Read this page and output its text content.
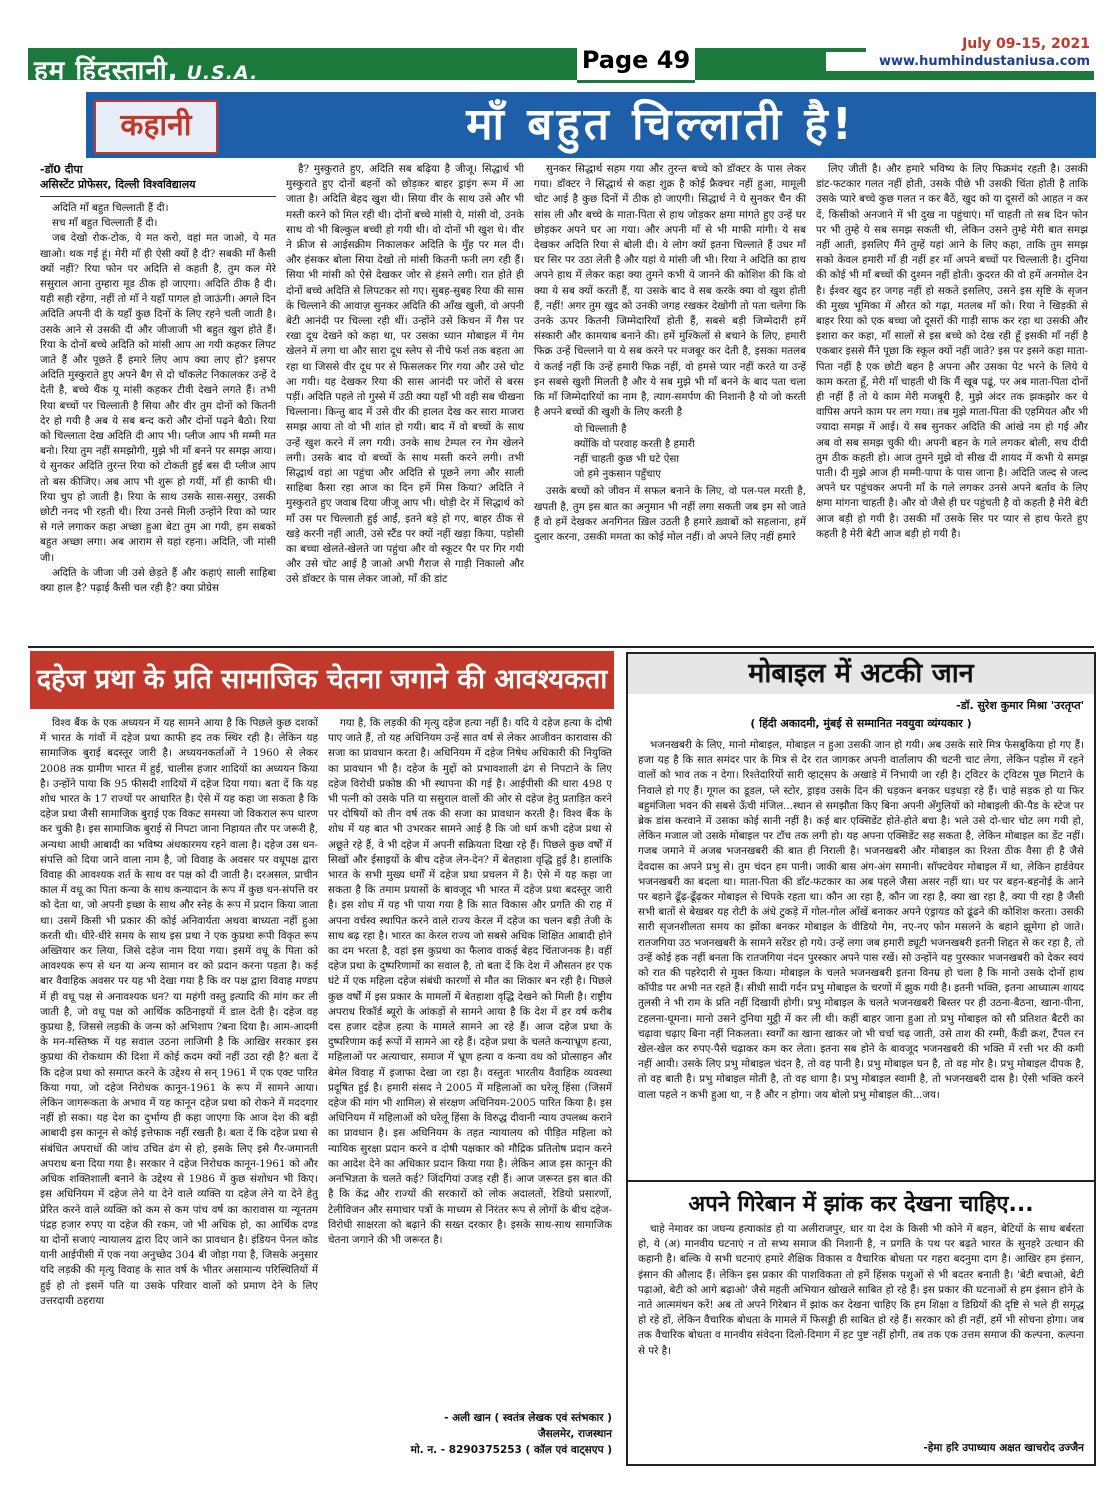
हम हिंदुस्तानी, U.S.A.	Page 49
July 09-15, 2021
www.humhindustaniusa.com
कहानी	माँ बहुत चिल्लाती है!
-डॉ0 दीपा
असिस्टेंट प्रोफेसर, दिल्ली विश्वविद्यालय

अदिति माँ बहुत चिल्लाती हैं दी।

सच माँ बहुत चिल्लाती हैं दी।

जब देखो रोक-टोक, ये मत करो, वहां मत जाओ, ये मत खाओ। थक गई हूं। मेरी माँ ही ऐसी क्यों है दी? सबकी माँ कैसी क्यों नहीं? रिया फोन पर अदिति से कहती है, तुम कल मेरे ससुराल आना तुम्हारा मूड ठीक हो जाएगा। अदिति ठीक है दी। यही सही रहेगा, नहीं तो माँ ने यहाँ पागल हो जाऊंगी। अगले दिन अदिति अपनी दी के यहाँ कुछ दिनों के लिए रहने चली जाती है। उसके आने से उसकी दी और जीजाजी भी बहुत खुश होते हैं। रिया के दोनों बच्चे अदिति को मांसी आप आ गयी कहकर लिपट जाते हैं और पूछते हैं हमारे लिए आप क्या लाए हो? इसपर अदिति मुस्कुराते हुए अपने बैग से दो चॉकलेट निकालकर उन्हें दे देती है, बच्चे थैंक यू मांसी कहकर टीवी देखने लगते हैं। तभी रिया बच्चों पर चिल्लाती है सिया और वीर तुम दोनों को कितनी देर हो गयी है अब ये सब बन्द करो और दोनों पढ़ने बैठो। रिया को चिल्लाता देख अदिति दी आप भी। प्लीज आप भी मम्मी मत बनो। रिया तुम नहीं समझोगी, मुझे भी माँ बनने पर समझ आया। ये सुनकर अदिति तुरन्त रिया को टोकती हुई बस दी प्लीज आप तो बस कीजिए। अब आप भी शुरू हो गयीं, माँ ही काफी थी। रिया चुप हो जाती है। रिया के साथ उसके सास-ससुर, उसकी छोटी ननद भी रहती थी। रिया उनसे मिली उन्होंने रिया को प्यार से गले लगाकर कहा अच्छा हुआ बेटा तुम आ गयी, हम सबको बहुत अच्छा लगा। अब आराम से यहां रहना। अदिति, जी मांसी जी।

अदिति के जीजा जी उसे छेड़ते हैं और कहाएं साली साहिबा क्या हाल है? पढ़ाई कैसी चल रही है? क्या प्रोग्रेस

है? मुस्कुराते हुए, अदिति सब बढ़िया है जीजू। सिद्धार्थ भी मुस्कुराते हुए दोनों बहनों को छोड़कर बाहर ड्राइंग रूम में आ जाता है। अदिति बेहद खुश थी। सिया वीर के साथ उसे और भी मस्ती करने को मिल रही थी। दोनों बच्चे मांसी ये, मांसी वो, उनके साथ वो भी बिल्कुल बच्ची हो गयी थी। वो दोनों भी खुश थे। वीर ने फ्रीज से आईसक्रीम निकालकर अदिति के मुँह पर मल दी। और हंसकर बोला सिया देखो तो मांसी कितनी फनी लग रही हैं। सिया भी मांसी को ऐसे देखकर जोर से हंसने लगी। रात होते ही दोनों बच्चे अदिति से लिपटकर सो गए। सुबह-सुबह रिया की सास के चिल्लाने की आवाज़ सुनकर अदिति की आँख खुली, वो अपनी बेटी आनंदी पर चिल्ला रही थीं। उन्होंने उसे किचन में गैस पर रखा दूध देखने को कहा था, पर उसका ध्यान मोबाइल में गेम खेलने में लगा था और सारा दूध स्लेप से नीचे फर्श तक बहता आ रहा था जिससे वीर दूध पर से फिसलकर गिर गया और उसे चोट आ गयी। यह देखकर रिया की सास आनंदी पर जोरों से बरस पड़ीं। अदिति पहले तो गुस्से में उठी क्या यहाँ भी वही सब चीखना चिल्लाना। किन्तु बाद में उसे वीर की हालत देख कर सारा माजरा समझ आया तो वो भी शांत हो गयी। बाद में वो बच्चों के साथ उन्हें खुश करने में लग गयी। उनके साथ टेम्पल रन गेम खेलने लगी। उसके बाद वो बच्चों के साथ मस्ती करने लगी। तभी सिद्धार्थ वहां आ पहुंचा और अदिति से पूछने लगा और साली साहिबा कैसा रहा आज का दिन हमें मिस किया? अदिति ने मुस्कुराते हुए जवाब दिया जीजू आप भी। थोड़ी देर में सिद्धार्थ को माँ उस पर चिल्लाती हुई आईं, इतने बड़े हो गए, बाहर ठीक से खड़े करनी नहीं आती, उसे स्टैंड पर क्यों नहीं खड़ा किया, पड़ोसी का बच्चा खेलते-खेलते जा पहुंचा और वो स्कूटर पैर पर गिर गयी और उसे चोट आई है जाओ अभी गैराज से गाड़ी निकालो और उसे डॉक्टर के पास लेकर जाओ, माँ की डांट

सुनकर सिद्धार्थ सहम गया और तुरन्त बच्चे को डॉक्टर के पास लेकर गया। डॉक्टर ने सिद्धार्थ से कहा शुक्र है कोई फ्रैक्चर नहीं हुआ, मामूली चोट आई है कुछ दिनों में ठीक हो जाएगी। सिद्धार्थ ने ये सुनकर चैन की सांस ली और बच्चे के माता-पिता से हाथ जोड़कर क्षमा मांगते हुए उन्हें घर छोड़कर अपने घर आ गया। और अपनी माँ से भी माफी मांगी। ये सब देखकर अदिति रिया से बोली दी। ये लोग क्यों इतना चिल्लाते हैं उधर माँ घर सिर पर उठा लेती है और यहां ये मांसी जी भी। रिया ने अदिति का हाथ अपने हाथ में लेकर कहा क्या तुमने कभी ये जानने की कोशिश की कि वो क्या ये सब क्यों करती हैं, या उसके बाद वे सब करके क्या वो खुश होती हैं, नहीं! अगर तुम खुद को उनकी जगह रखकर देखोगी तो पता चलेगा कि उनके ऊपर कितनी जिम्मेदारियाँ होती हैं, सबसे बड़ी जिम्मेदारी हमें संस्कारी और कामयाब बनाने की। हमें मुश्किलों से बचाने के लिए, हमारी फिक्र उन्हें चिल्लाने या ये सब करने पर मजबूर कर देती है, इसका मतलब ये कतई नहीं कि उन्हें हमारी फिक्र नहीं, वो हमसे प्यार नहीं करते या उन्हें इन सबसे खुशी मिलती है और ये सब मुझे भी माँ बनने के बाद पता चला कि माँ जिम्मेदारियों का नाम है, त्याग-समर्पण की निशानी है यो जो करती है अपने बच्चों की खुशी के लिए करती है

वो चिल्लाती है
क्योंकि वो परवाह करती है हमारी
नहीं चाहती कुछ भी घटे ऐसा
जो हमे नुकसान पहुँचाए

उसके बच्चों को जीवन में सफल बनाने के लिए, वो पल-पल मरती है, खपती है, तुम इस बात का अनुमान भी नहीं लगा सकती जब इम सो जाते हैं वो हमें देखकर अनगिनत ख़िल उठती है हमारे ख़्वाबों को सहलाना, हमें दुलार करना, उसकी ममता का कोई मोल नहीं। वो अपने लिए नहीं हमारे

लिए जीती है। और हमारे भविष्य के लिए फिक्रमंद रहती है। उसकी डांट-फटकार गलत नहीं होती, उसके पीछे भी उसकी चिंता होती है ताकि उसके प्यारे बच्चे कुछ गलत न कर बैठें, खुद को या दूसरों को आहत न कर दें, किसीको अनजाने में भी दुख ना पहुंचाएं। माँ चाहती तो सब दिन फोन पर भी तुम्हे ये सब समझ सकती थी, लेकिन उसने तुम्हे मेरी बात समझ नहीं आती, इसलिए मैंने तुम्हें यहां आने के लिए कहा, ताकि तुम समझ सको केवल हमारी माँ ही नहीं हर माँ अपने बच्चों पर चिल्लाती है। दुनिया की कोई भी माँ बच्चों की दुश्मन नहीं होती। कुदरत की वो हमें अनमोल देन है। ईश्वर खुद हर जगह नहीं हो सकते इसलिए, उसने इस सृष्टि के सृजन की मुख्य भूमिका में औरत को गढ़ा, मतलब माँ को। रिया ने खिड़की से बाहर रिया को एक बच्चा जो दूसरों की गाड़ी साफ कर रहा था उसकी और इशारा कर कहा, माँ सालों से इस बच्चे को देख रही हूँ इसकी माँ नहीं है एकबार इससे मैंने पूछा कि स्कूल क्यों नहीं जाते? इस पर इसने कहा माता-पिता नहीं है एक छोटी बहन है अपना और उसका पेट भरने के लिये ये काम करता हूँ, मेरी माँ चाहती थी कि मैं खूब पढूं, पर अब माता-पिता दोनों ही नहीं हैं तो ये काम मेरी मजबूरी है, मुझे अंदर तक झकझोर कर ये वापिस अपने काम पर लग गया। तब मुझे माता-पिता की एहमियत और भी ज्यादा समझ में आई। ये सब सुनकर अदिति की आंखे नम हो गई और अब वो सब समझ चुकी थी। अपनी बहन के गले लगकर बोली, सच दीदी तुम ठीक कहती हो। आज तुमने मुझे वो सीख दी शायद में कभी ये समझ पाती। दी मुझे आज ही मम्मी-पापा के पास जाना है। अदिति जल्द से जल्द अपने घर पहुंचकर अपनी माँ के गले लगकर उनसे अपने बर्ताव के लिए क्षमा मांगना चाहती है। और वो जैसे ही घर पहुंचती है वो कहती है मेरी बेटी आज बड़ी हो गयी है। उसकी माँ उसके सिर पर प्यार से हाथ फेरते हुए कहती है मेरी बेटी आज बड़ी हो गयी है।

दहेज प्रथा के प्रति सामाजिक चेतना जगाने की आवश्यकता

विश्व बैंक के एक अध्ययन में यह सामने आया है कि पिछले कुछ दशकों में भारत के गांवों में दहेज प्रथा काफी हद तक स्थिर रही है। लेकिन यह सामाजिक बुराई बदस्तूर जारी है। अध्ययनकर्ताओं ने 1960 से लेकर 2008 तक ग्रामीण भारत में हुई, चालीस हजार शादियों का अध्ययन किया है। उन्होंने पाया कि 95 फीसदी शादियों में दहेज दिया गया। बता दें कि यह शोध भारत के 17 राज्यों पर आधारित है। ऐसे में यह कहा जा सकता है कि दहेज प्रथा जैसी सामाजिक बुराई एक विकट समस्या जो विकराल रूप धारण कर चुकी है। इस सामाजिक बुराई से निपटा जाना निहायत तौर पर जरूरी है, अन्यथा आधी आबादी का भविष्य अंधकारमय रहने वाला है। दहेज उस धन-संपत्ति को दिया जाने वाला नाम है, जो विवाह के अवसर पर वधूपक्ष द्वारा विवाह की आवश्यक शर्त के साथ वर पक्ष को दी जाती है। दरअसल, प्राचीन काल में वधू का पिता कन्या के साथ कन्यादान के रूप में कुछ धन-संपत्ति वर को देता था, जो अपनी इच्छा के साथ और स्नेह के रूप में प्रदान किया जाता था। उसमें किसी भी प्रकार की कोई अनिवार्यता अथवा बाध्यता नहीं हुआ करती थी। धीरे-धीरे समय के साथ इस प्रथा ने एक कुप्रथा रूपी विकृत रूप अख्तियार कर लिया, जिसे दहेज नाम दिया गया। इसमें वधू के पिता को आवश्यक रूप से धन या अन्य सामान वर को प्रदान करना पड़ता है। कई बार वैवाहिक अवसर पर यह भी देखा गया है कि वर पक्ष द्वारा विवाह मण्डप में ही वधू पक्ष से अनावश्यक धन? या महंगी वस्तु इत्यादि की मांग कर ली जाती है, जो वधू पक्ष को आर्थिक कठिनाइयों में डाल देती है। दहेज वह कुप्रथा है, जिससे लड़की के जन्म को अभिशाप ?बना दिया है। आम-आदमी के मन-मस्तिष्क में यह सवाल उठना लाजिमी है कि आखिर सरकार इस कुप्रथा की रोकथाम की दिशा में कोई कदम क्यों नहीं उठा रही है? बता दें कि दहेज प्रथा को समाप्त करने के उद्देश्य से सन् 1961 में एक एक्ट पारित किया गया, जो दहेज निरोधक कानून-1961 के रूप में सामने आया। लेकिन जागरूकता के अभाव में यह कानून दहेज प्रथा को रोकने में मददगार नहीं हो सका। यह देश का दुर्भाग्य ही कहा जाएगा कि आज देश की बड़ी आबादी इस कानून से कोई इत्तेफाक नहीं रखती है। बता दें कि दहेज प्रथा से संबंधित अपराधों की जांच उचित ढंग से हो, इसके लिए इसे गैर-जमानती अपराध बना दिया गया है। सरकार ने दहेज निरोधक कानून-1961 को और अधिक शक्तिशाली बनाने के उद्देश्य से 1986 में कुछ संशोधन भी किए। इस अधिनियम में दहेज लेने या देने वाले व्यक्ति या दहेज लेने या देने हेतु प्रेरित करने वाले व्यक्ति को कम से कम पांच वर्ष का कारावास या न्यूनतम पंद्रह हजार रुपए या दहेज की रकम, जो भी अधिक हो, का आर्थिक दण्ड या दोनों सजाएं न्यायालय द्वारा दिए जाने का प्रावधान है। इंडियन पेनल कोड यानी आईपीसी में एक नया अनुच्छेद 304 बी जोड़ा गया है, जिसके अनुसार यदि लड़की की मृत्यु विवाह के सात वर्ष के भीतर असामान्य परिस्थितियों में हुई हो तो इसमें पति या उसके परिवार वालों को प्रमाण देने के लिए उत्तरदायी ठहराया

गया है, कि लड़की की मृत्यु दहेज हत्या नहीं है। यदि ये दहेज हत्या के दोषी पाए जाते हैं, तो यह अधिनियम उन्हें सात वर्ष से लेकर आजीवन कारावास की सजा का प्रावधान करता है। अधिनियम में दहेज निषेध अधिकारी की नियुक्ति का प्रावधान भी है। दहेज के मुद्दों को प्रभावशाली ढंग से निपटाने के लिए दहेज विरोधी प्रकोष्ठ की भी स्थापना की गई है। आईपीसी की धारा 498 ए भी पत्नी को उसके पति या ससुराल वालों की ओर से दहेज हेतु प्रताड़ित करने पर दोषियों को तीन वर्ष तक की सजा का प्रावधान करती है। विश्व बैंक के शोध में यह बात भी उभरकर सामने आई है कि जो धर्म कभी दहेज प्रथा से अछूते रहे हैं, वे भी दहेज में अपनी सक्रियता दिखा रहे हैं। पिछले कुछ वर्षों में सिखों और ईसाइयों के बीच दहेज लेन-देन? में बेतहाशा वृद्धि हुई है। हालांकि भारत के सभी मुख्य धर्मों में दहेज प्रथा प्रचलन में है। ऐसे में यह कहा जा सकता है कि तमाम प्रयासों के बावजूद भी भारत में दहेज प्रथा बदस्तूर जारी है। इस शोध में यह भी पाया गया है कि सात विकास और प्रगति की राह में अपना वर्चस्व स्थापित करने वाले राज्य केरल में दहेज का चलन बड़ी तेजी के साथ बढ़ रहा है। भारत का केरल राज्य जो सबसे अधिक शिक्षित आबादी होने का दम भरता है, वहां इस कुप्रथा का फैलाव वाकई बेहद चिंताजनक है। वहीं दहेज प्रथा के दुष्परिणामों का सवाल है, तो बता दें कि देश में औसतन हर एक घंटे में एक महिला दहेज संबंधी कारणों से मौत का शिकार बन रही है। पिछले कुछ वर्षों में इस प्रकार के मामलों में बेतहाशा वृद्धि देखने को मिली है। राष्ट्रीय अपराध रिकॉर्ड ब्यूरो के आंकड़ों से सामने आया है कि देश में हर वर्ष करीब दस हजार दहेज हत्या के मामले सामने आ रहे हैं। आज दहेज प्रथा के दुष्परिणाम कई रूपों में सामने आ रहे हैं। दहेज प्रथा के चलते कन्याभ्रूण हत्या, महिलाओं पर अत्याचार, समाज में भ्रूण हत्या व कन्या वध को प्रोत्साहन और बेमेल विवाह में इजाफा देखा जा रहा है। वस्तुतः भारतीय वैवाहिक व्यवस्था प्रदूषित हुई है। हमारी संसद ने 2005 में महिलाओं का घरेलू हिंसा (जिसमें दहेज की मांग भी शामिल) से संरक्षण अधिनियम-2005 पारित किया है। इस अधिनियम में महिलाओं को घरेलू हिंसा के विरुद्ध दीवानी न्याय उपलब्ध कराने का प्रावधान है। इस अधिनियम के तहत न्यायालय को पीड़ित महिला को न्यायिक सुरक्षा प्रदान करने व दोषी पक्षकार को मौद्रिक प्रतितोष प्रदान करने का आदेश देने का अधिकार प्रदान किया गया है। लेकिन आज इस कानून की अनभिज्ञता के चलते कई? जिंदगियां उजड़ रही हैं। आज जरूरत इस बात की है कि केंद्र और राज्यों की सरकारों को लोक अदालतों, रेडियो प्रसारणों, टेलीविजन और समाचार पत्रों के माध्यम से निरंतर रूप से लोगों के बीच दहेज-विरोधी साक्षरता को बढ़ाने की सख्त दरकार है। इसके साथ-साथ सामाजिक चेतना जगाने की भी जरूरत है।

- अली खान ( स्वतंत्र लेखक एवं स्तंभकार )
जैसलमेर, राजस्थान
मो. न. - 8290375253 ( कॉल एवं वाट्सएप )
मोबाइल में अटकी जान
-डॉ. सुरेश कुमार मिश्रा 'उरतृप्त'
( हिंदी अकादमी, मुंबई से सम्मानित नवयुवा व्यंग्यकार )

भजनखबरी के लिए, मानो मोबाइल, मोबाइल न हुआ उसकी जान हो गयी। अब उसके सारे मित्र फेसबुकिया हो गए हैं। हजा यह है कि सात समंदर पार के मित्र से देर रात जागकर अपनी वार्तालाप की चटनी चाट लेगा, लेकिन पड़ोस में रहने वालों को भाव तक न देगा। रिश्तेदारियों सारी व्हाट्सप के अखाड़े में निभायी जा रही है। ट्विटर के ट्विटस पूछ मिटाने के निवाले हो गए हैं। गूगल का डूडल, प्ले स्टोर, ड्राइव उसके दिन की धड़कन बनकर धड़धड़ा रहे हैं। चाहे सड़क हो या फिर बहुमंजिला भवन की सबसे ऊँची मंजिल...स्थान से समझौता किए बिना अपनी अँगुलियों को मोबाइली की-पैड के स्टेज पर ब्रेक डांस करवाने में उसका कोई सानी नहीं है। कई बार एक्सिडेंट होते-होते बचा है। भले उसे दो-चार चोट लग गयी हो, लेकिन मजाल जो उसके मोबाइल पर टॉच तक लगी हो। यह अपना एक्सिडेंट सह सकता है, लेकिन मोबाइल का डेंट नहीं। गजब जमाने में अजब भजनखबरी की बात ही निराली है। भजनखबरी और मोबाइल का रिश्ता ठीक वैसा ही है जैसे देवदास का अपने प्रभु से। तुम चंदन हम पानी। जाकी बास अंग-अंग समानी। सॉफ्टवेयर मोबाइल में था, लेकिन हार्डवेयर भजनखबरी का बदला था। माता-पिता की डाँट-फटकार का अब पहले जैसा असर नहीं था। घर पर बहन-बहनोई के आने पर बहाने ढूँढ़-ढूँढ़कर मोबाइल से चिपके रहता था। कौन आ रहा है, कौन जा रहा है, क्या खा रहा है, क्या पी रहा है जैसी सभी बातों से बेखबर यह रोटी के अंधे टुकड़े में गोल-गोल आँखें बनाकर अपने एंड्रायड को ढूंढने की कोशिश करता। उसकी सारी सृजनशीलता समय का झोंका बनकर मोबाइल के वीडियो गेम, नए-नए फोन मसलने के बहाने झूमेगा हो जाते। रातजगिया उठ भजनखबरी के सामने सरेंडर हो गये। उन्हें लगा जब हमारी ड्यूटी भजनखबरी इतनी शिद्दत से कर रहा है, तो उन्हें कोई हक नहीं बनता कि रातजगिया नंदन पुरस्कार अपने पास रखें। सो उन्होंने यह पुरस्कार भजनखबरी को देकर स्वयं को रात की पहरेदारी से मुक्त किया। मोबाइल के चलते भजनखबरी इतना विनम्र हो चला है कि मानो उसके दोनों हाथ कॉपीड पर अभी नत रहते हैं। सीधी सादी गर्दन प्रभु मोबाइल के चरणों में झुक गयी है। इतनी भक्ति, इतना आध्यात्म शायद तुलसी ने भी राम के प्रति नहीं दिखायी होगी। प्रभु मोबाइल के चलते भजनखबरी बिस्तर पर ही उठना-बैठना, खाना-पीना, टहलना-घूमना। मानो उसने दुनिया मुट्ठी में कर ली थी। कहीं बाहर जाना हुआ तो प्रभु मोबाइल को सौ प्रतिशत बैटरी का चढ़ावा चढ़ाए बिना नहीं निकलता। स्वर्गों का खाना खाकर जो भी चर्चा चढ़ जाती, उसे ताश की रम्मी, कैंडी क्रश, टैंपल रन खेल-खेल कर रुपए-पैसे चढ़ाकर कम कर लेता। इतना सब होने के बावजूद भजनखबरी की भक्ति में रत्ती भर की कमी नहीं आयी। उसके लिए प्रभु मोबाइल चंदन है, तो वह पानी है। प्रभु मोबाइल घन है, तो वह मोर है। प्रभु मोबाइल दीपक है, तो वह बाती है। प्रभु मोबाइल मोती है, तो वह धागा है। प्रभु मोबाइल स्वामी है, तो भजनखबरी दास है। ऐसी भक्ति करने वाला पहले न कभी हुआ था, न है और न होगा। जय बोलो प्रभु मोबाइल की...जय।

अपने गिरेबान में झांक कर देखना चाहिए...

चाहे नेमावर का जघन्य हत्याकांड हो या अलीराजपुर, धार या देश के किसी भी कोने में बहन, बेटियों के साथ बर्बरता हो, ये (अ) मानवीय घटनाएं न तो सभ्य समाज की निशानी है, न प्रगति के पथ पर बढ़ते भारत के सुनहरे उत्थान की कहानी है। बल्कि ये सभी घटनाएं हमारे शैक्षिक विकास व वैचारिक बोधता पर गहरा बदनुमा दाग है। आखिर हम इंसान, इंसान की औलाद हैं। लेकिन इस प्रकार की पाशविकता तो हमें हिंसक पशुओं से भी बदतर बनाती है। 'बेटी बचाओ, बेटी पढ़ाओ, बेटी को आगे बढ़ाओ' जैसे महती अभियान खोखले साबित हो रहे हैं। इस प्रकार की घटनाओं से हम इंसान होने के नाते आत्ममंथन करें! अब तो अपने गिरेबान में झांक कर देखना चाहिए कि हम शिक्षा व डिग्रियों की दृष्टि से भले ही समृद्ध हो रहे हों, लेकिन वैचारिक बोधता के मामले में फिसड्डी ही साबित हो रहे हैं। सरकार को ही नहीं, हमें भी सोचना होगा। जब तक वैचारिक बोधता व मानवीय संवेदना दिलो-दिमाग में हट पुष्ट नहीं होगी, तब तक एक उत्तम समाज की कल्पना, कल्पना से परे है।

-हेमा हरि उपाध्याय अक्षत खाचरोद उज्जैन
